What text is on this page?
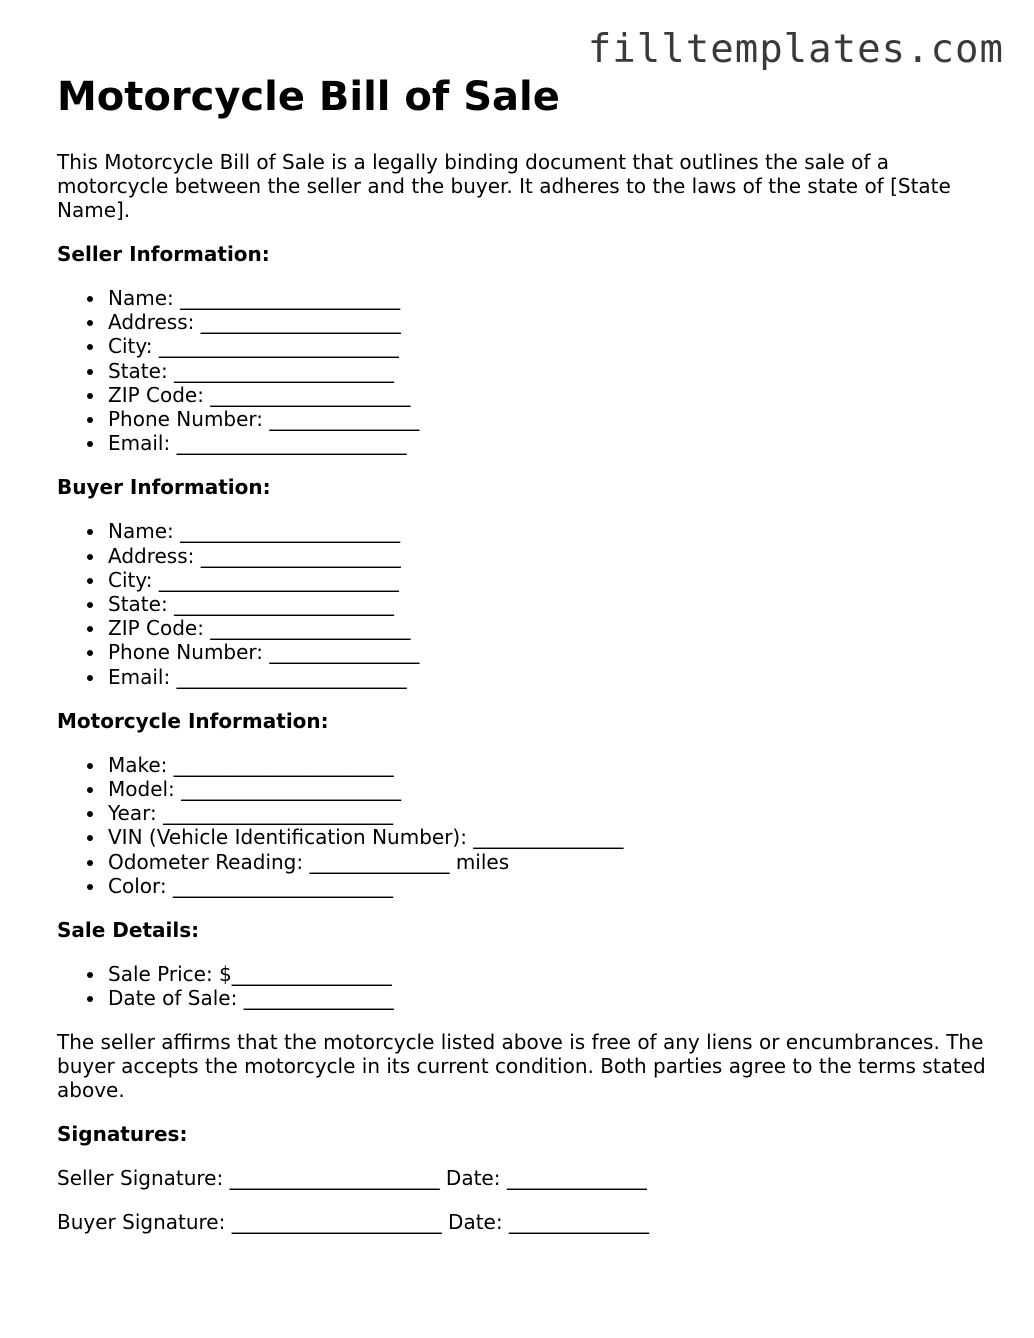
filltemplates.com
Motorcycle Bill of Sale

This Motorcycle Bill of Sale is a legally binding document that outlines the sale of a motorcycle between the seller and the buyer. It adheres to the laws of the state of [State Name].

Seller Information:
Name: ______________________
Address: ____________________
City: ________________________
State: ______________________
ZIP Code: ____________________
Phone Number: _______________
Email: _______________________
Buyer Information:
Name: ______________________
Address: ____________________
City: ________________________
State: ______________________
ZIP Code: ____________________
Phone Number: _______________
Email: _______________________
Motorcycle Information:
Make: ______________________
Model: ______________________
Year: _______________________
VIN (Vehicle Identification Number): _______________
Odometer Reading: ______________ miles
Color: ______________________
Sale Details:
Sale Price: $________________
Date of Sale: _______________

The seller affirms that the motorcycle listed above is free of any liens or encumbrances. The buyer accepts the motorcycle in its current condition. Both parties agree to the terms stated above.

Signatures:
Seller Signature: _____________________ Date: ______________
Buyer Signature: _____________________ Date: ______________
